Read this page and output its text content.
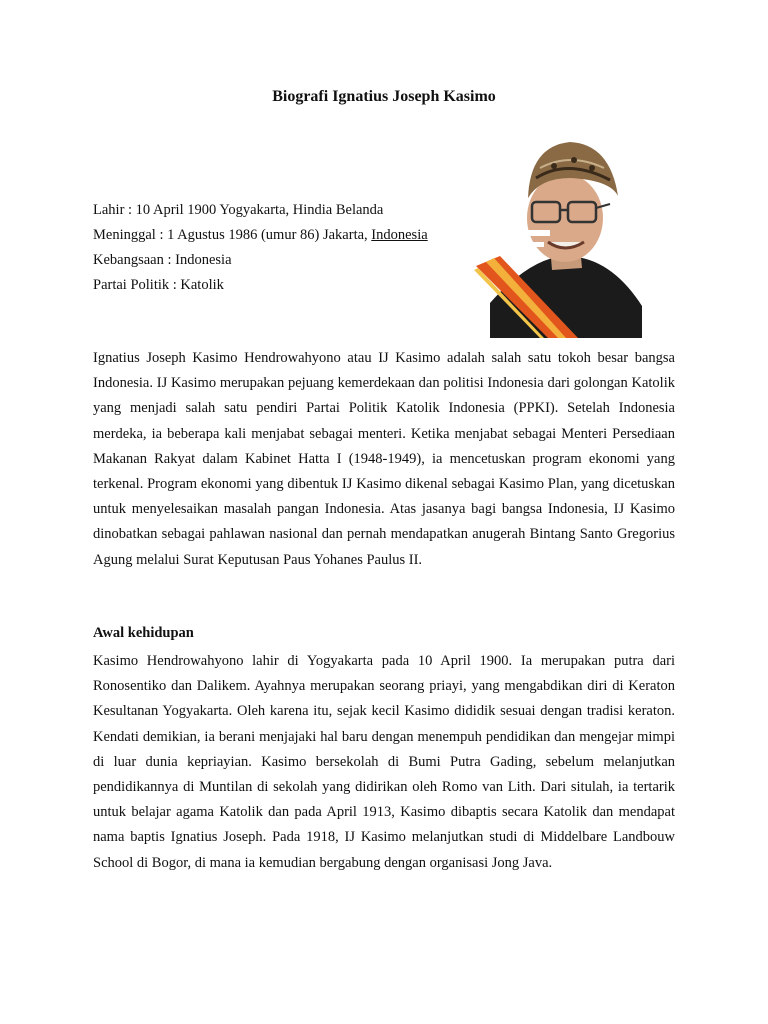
Biografi Ignatius Joseph Kasimo
Lahir : 10 April 1900 Yogyakarta, Hindia Belanda
Meninggal : 1 Agustus 1986 (umur 86) Jakarta, Indonesia
Kebangsaan : Indonesia
Partai Politik : Katolik

Ignatius Joseph Kasimo Hendrowahyono atau IJ Kasimo adalah salah satu tokoh besar bangsa Indonesia. IJ Kasimo merupakan pejuang kemerdekaan dan politisi Indonesia dari golongan Katolik yang menjadi salah satu pendiri Partai Politik Katolik Indonesia (PPKI). Setelah Indonesia merdeka, ia beberapa kali menjabat sebagai menteri. Ketika menjabat sebagai Menteri Persediaan Makanan Rakyat dalam Kabinet Hatta I (1948-1949), ia mencetuskan program ekonomi yang terkenal. Program ekonomi yang dibentuk IJ Kasimo dikenal sebagai Kasimo Plan, yang dicetuskan untuk menyelesaikan masalah pangan Indonesia. Atas jasanya bagi bangsa Indonesia, IJ Kasimo dinobatkan sebagai pahlawan nasional dan pernah mendapatkan anugerah Bintang Santo Gregorius Agung melalui Surat Keputusan Paus Yohanes Paulus II.

Awal kehidupan

Kasimo Hendrowahyono lahir di Yogyakarta pada 10 April 1900. Ia merupakan putra dari Ronosentiko dan Dalikem. Ayahnya merupakan seorang priayi, yang mengabdikan diri di Keraton Kesultanan Yogyakarta. Oleh karena itu, sejak kecil Kasimo dididik sesuai dengan tradisi keraton. Kendati demikian, ia berani menjajaki hal baru dengan menempuh pendidikan dan mengejar mimpi di luar dunia kepriayian. Kasimo bersekolah di Bumi Putra Gading, sebelum melanjutkan pendidikannya di Muntilan di sekolah yang didirikan oleh Romo van Lith. Dari situlah, ia tertarik untuk belajar agama Katolik dan pada April 1913, Kasimo dibaptis secara Katolik dan mendapat nama baptis Ignatius Joseph. Pada 1918, IJ Kasimo melanjutkan studi di Middelbare Landbouw School di Bogor, di mana ia kemudian bergabung dengan organisasi Jong Java.
